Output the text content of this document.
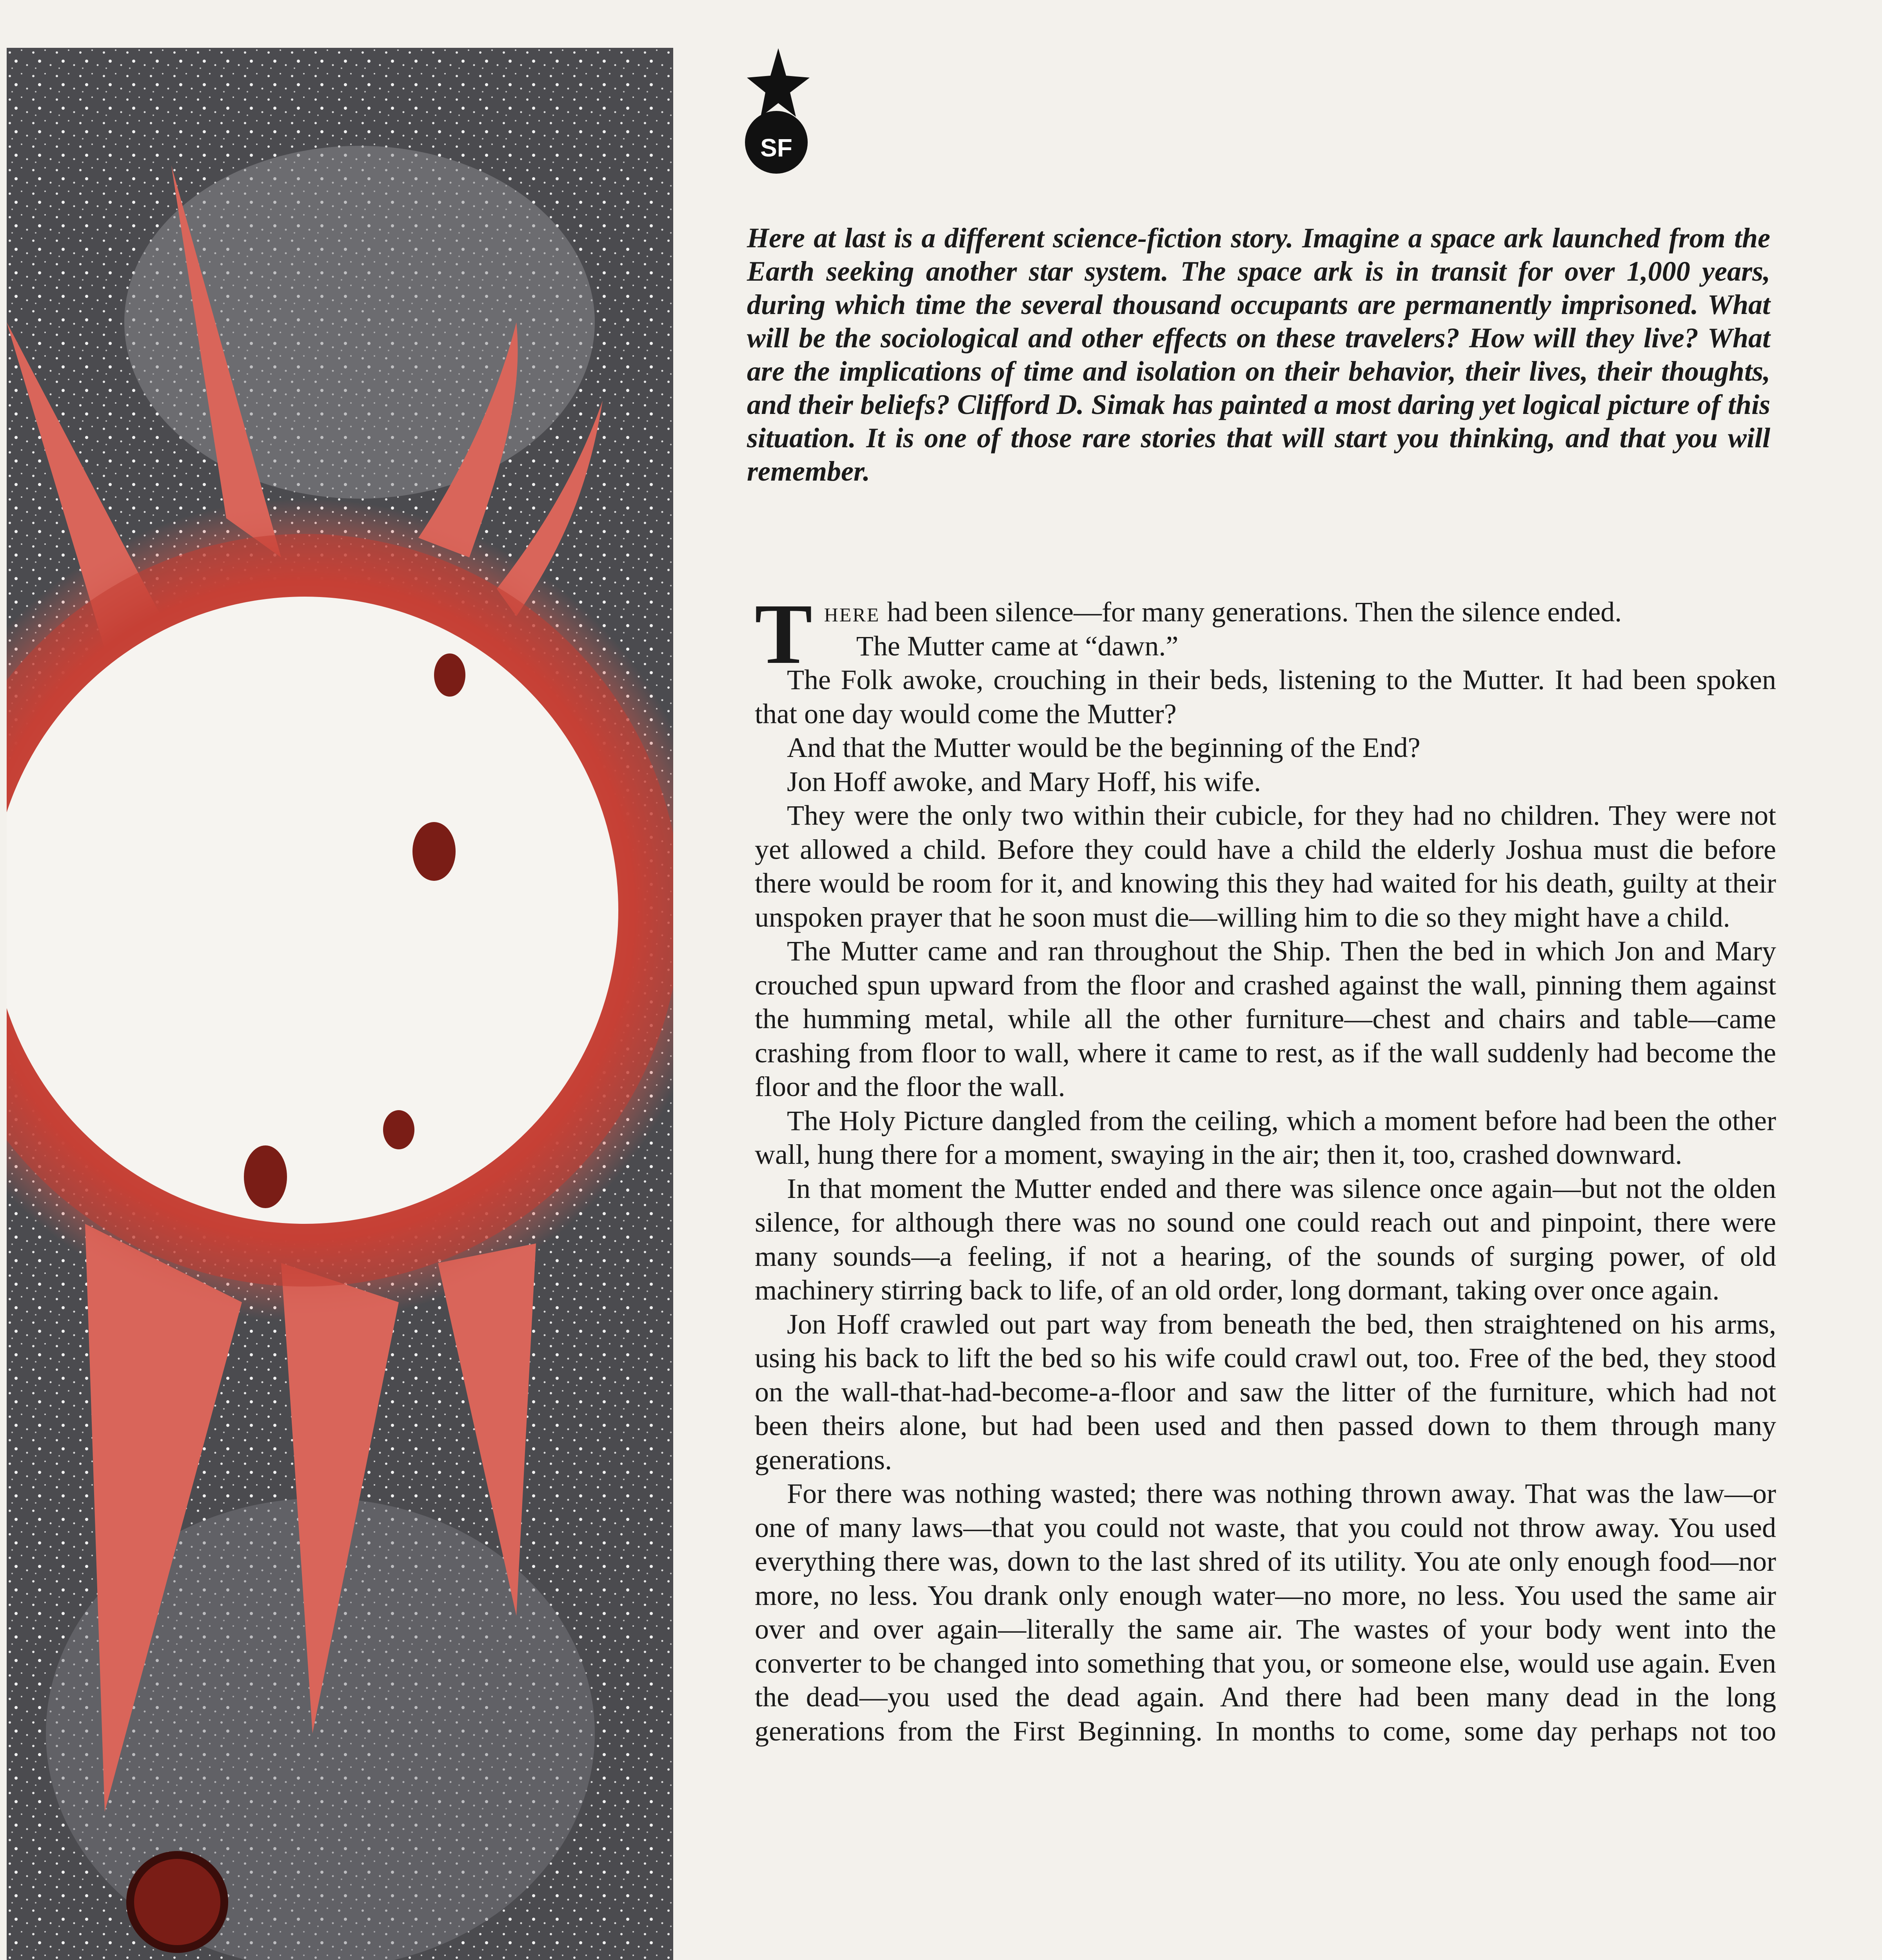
SF

Here at last is a different science-fiction story. Imagine a space ark launched from the Earth seeking another star system. The space ark is in transit for over 1,000 years, during which time the several thousand occupants are permanently imprisoned. What will be the sociological and other effects on these travelers? How will they live? What are the implications of time and isolation on their behavior, their lives, their thoughts, and their beliefs? Clifford D. Simak has painted a most daring yet logical picture of this situation. It is one of those rare stories that will start you thinking, and that you will remember.

There had been silence—for many generations. Then the silence ended.

The Mutter came at “dawn.”

The Folk awoke, crouching in their beds, listening to the Mutter. It had been spoken that one day would come the Mutter?

And that the Mutter would be the beginning of the End?

Jon Hoff awoke, and Mary Hoff, his wife.

They were the only two within their cubicle, for they had no children. They were not yet allowed a child. Before they could have a child the elderly Joshua must die before there would be room for it, and knowing this they had waited for his death, guilty at their unspoken prayer that he soon must die—willing him to die so they might have a child.

The Mutter came and ran throughout the Ship. Then the bed in which Jon and Mary crouched spun upward from the floor and crashed against the wall, pinning them against the humming metal, while all the other furniture—chest and chairs and table—came crashing from floor to wall, where it came to rest, as if the wall suddenly had become the floor and the floor the wall.

The Holy Picture dangled from the ceiling, which a moment before had been the other wall, hung there for a moment, swaying in the air; then it, too, crashed downward.

In that moment the Mutter ended and there was silence once again—but not the olden silence, for although there was no sound one could reach out and pinpoint, there were many sounds—a feeling, if not a hearing, of the sounds of surging power, of old machinery stirring back to life, of an old order, long dormant, taking over once again.

Jon Hoff crawled out part way from beneath the bed, then straightened on his arms, using his back to lift the bed so his wife could crawl out, too. Free of the bed, they stood on the wall-that-had-become-a-floor and saw the litter of the furniture, which had not been theirs alone, but had been used and then passed down to them through many generations.

For there was nothing wasted; there was nothing thrown away. That was the law—or one of many laws—that you could not waste, that you could not throw away. You used everything there was, down to the last shred of its utility. You ate only enough food—nor more, no less. You drank only enough water—no more, no less. You used the same air over and over again—literally the same air. The wastes of your body went into the converter to be changed into something that you, or someone else, would use again. Even the dead—you used the dead again. And there had been many dead in the long generations from the First Beginning. In months to come, some day perhaps not too
